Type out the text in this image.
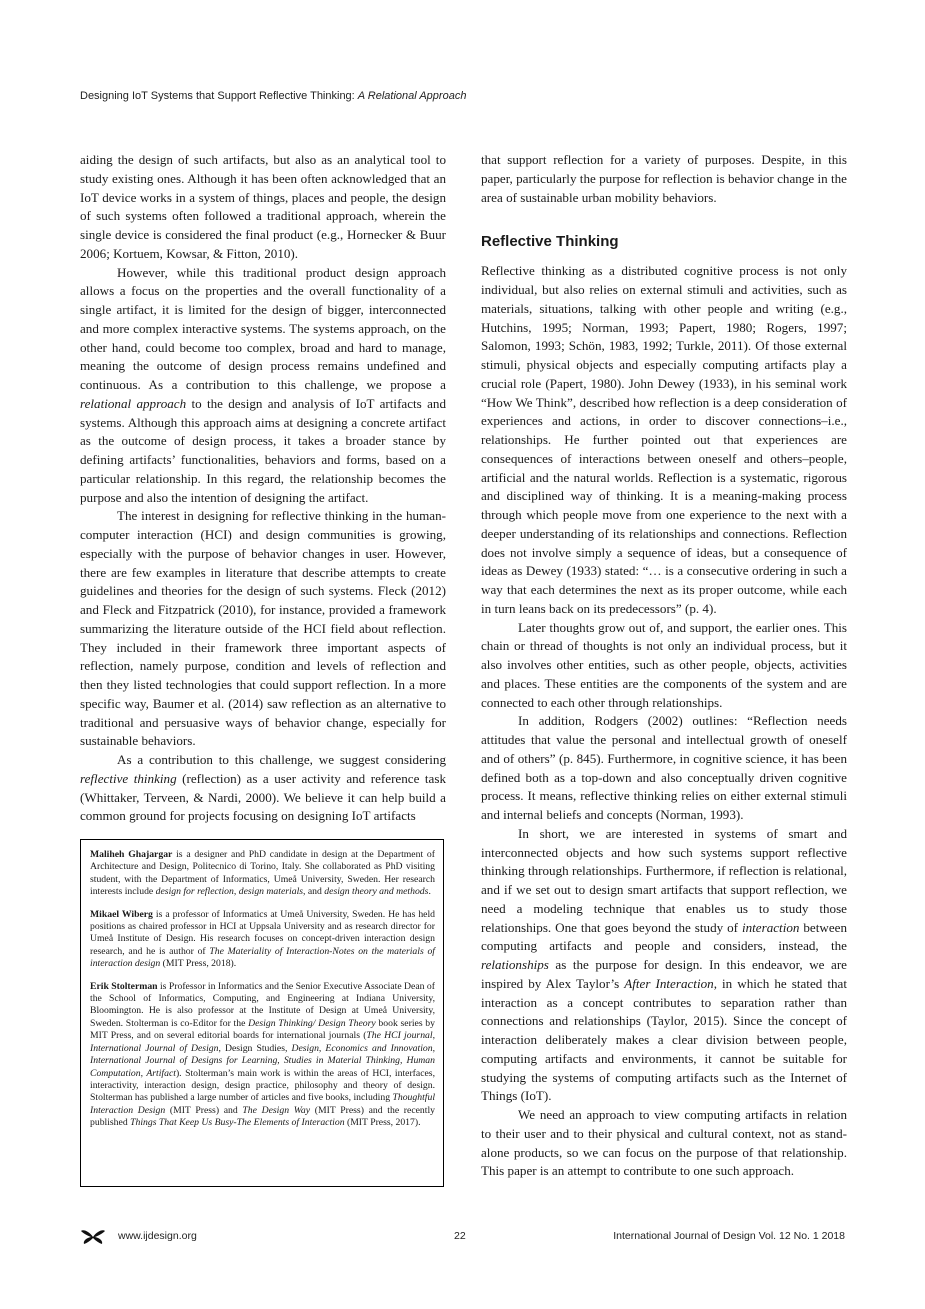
Designing IoT Systems that Support Reflective Thinking: A Relational Approach

aiding the design of such artifacts, but also as an analytical tool to study existing ones. Although it has been often acknowledged that an IoT device works in a system of things, places and people, the design of such systems often followed a traditional approach, wherein the single device is considered the final product (e.g., Hornecker & Buur 2006; Kortuem, Kowsar, & Fitton, 2010).

However, while this traditional product design approach allows a focus on the properties and the overall functionality of a single artifact, it is limited for the design of bigger, interconnected and more complex interactive systems. The systems approach, on the other hand, could become too complex, broad and hard to manage, meaning the outcome of design process remains undefined and continuous. As a contribution to this challenge, we propose a relational approach to the design and analysis of IoT artifacts and systems. Although this approach aims at designing a concrete artifact as the outcome of design process, it takes a broader stance by defining artifacts’ functionalities, behaviors and forms, based on a particular relationship. In this regard, the relationship becomes the purpose and also the intention of designing the artifact.

The interest in designing for reflective thinking in the human-computer interaction (HCI) and design communities is growing, especially with the purpose of behavior changes in user. However, there are few examples in literature that describe attempts to create guidelines and theories for the design of such systems. Fleck (2012) and Fleck and Fitzpatrick (2010), for instance, provided a framework summarizing the literature outside of the HCI field about reflection. They included in their framework three important aspects of reflection, namely purpose, condition and levels of reflection and then they listed technologies that could support reflection. In a more specific way, Baumer et al. (2014) saw reflection as an alternative to traditional and persuasive ways of behavior change, especially for sustainable behaviors.

As a contribution to this challenge, we suggest considering reflective thinking (reflection) as a user activity and reference task (Whittaker, Terveen, & Nardi, 2000). We believe it can help build a common ground for projects focusing on designing IoT artifacts

Maliheh Ghajargar is a designer and PhD candidate in design at the Department of Architecture and Design, Politecnico di Torino, Italy. She collaborated as PhD visiting student, with the Department of Informatics, Umeå University, Sweden. Her research interests include design for reflection, design materials, and design theory and methods.

Mikael Wiberg is a professor of Informatics at Umeå University, Sweden. He has held positions as chaired professor in HCI at Uppsala University and as research director for Umeå Institute of Design. His research focuses on concept-driven interaction design research, and he is author of The Materiality of Interaction-Notes on the materials of interaction design (MIT Press, 2018).

Erik Stolterman is Professor in Informatics and the Senior Executive Associate Dean of the School of Informatics, Computing, and Engineering at Indiana University, Bloomington. He is also professor at the Institute of Design at Umeå University, Sweden. Stolterman is co-Editor for the Design Thinking/ Design Theory book series by MIT Press, and on several editorial boards for international journals (The HCI journal, International Journal of Design, Design Studies, Design, Economics and Innovation, International Journal of Designs for Learning, Studies in Material Thinking, Human Computation, Artifact). Stolterman’s main work is within the areas of HCI, interfaces, interactivity, interaction design, design practice, philosophy and theory of design. Stolterman has published a large number of articles and five books, including Thoughtful Interaction Design (MIT Press) and The Design Way (MIT Press) and the recently published Things That Keep Us Busy-The Elements of Interaction (MIT Press, 2017).

that support reflection for a variety of purposes. Despite, in this paper, particularly the purpose for reflection is behavior change in the area of sustainable urban mobility behaviors.

Reflective Thinking

Reflective thinking as a distributed cognitive process is not only individual, but also relies on external stimuli and activities, such as materials, situations, talking with other people and writing (e.g., Hutchins, 1995; Norman, 1993; Papert, 1980; Rogers, 1997; Salomon, 1993; Schön, 1983, 1992; Turkle, 2011). Of those external stimuli, physical objects and especially computing artifacts play a crucial role (Papert, 1980). John Dewey (1933), in his seminal work “How We Think”, described how reflection is a deep consideration of experiences and actions, in order to discover connections–i.e., relationships. He further pointed out that experiences are consequences of interactions between oneself and others–people, artificial and the natural worlds. Reflection is a systematic, rigorous and disciplined way of thinking. It is a meaning-making process through which people move from one experience to the next with a deeper understanding of its relationships and connections. Reflection does not involve simply a sequence of ideas, but a consequence of ideas as Dewey (1933) stated: “… is a consecutive ordering in such a way that each determines the next as its proper outcome, while each in turn leans back on its predecessors” (p. 4).

Later thoughts grow out of, and support, the earlier ones. This chain or thread of thoughts is not only an individual process, but it also involves other entities, such as other people, objects, activities and places. These entities are the components of the system and are connected to each other through relationships.

In addition, Rodgers (2002) outlines: “Reflection needs attitudes that value the personal and intellectual growth of oneself and of others” (p. 845). Furthermore, in cognitive science, it has been defined both as a top-down and also conceptually driven cognitive process. It means, reflective thinking relies on either external stimuli and internal beliefs and concepts (Norman, 1993).

In short, we are interested in systems of smart and interconnected objects and how such systems support reflective thinking through relationships. Furthermore, if reflection is relational, and if we set out to design smart artifacts that support reflection, we need a modeling technique that enables us to study those relationships. One that goes beyond the study of interaction between computing artifacts and people and considers, instead, the relationships as the purpose for design. In this endeavor, we are inspired by Alex Taylor’s After Interaction, in which he stated that interaction as a concept contributes to separation rather than connections and relationships (Taylor, 2015). Since the concept of interaction deliberately makes a clear division between people, computing artifacts and environments, it cannot be suitable for studying the systems of computing artifacts such as the Internet of Things (IoT).

We need an approach to view computing artifacts in relation to their user and to their physical and cultural context, not as stand-alone products, so we can focus on the purpose of that relationship. This paper is an attempt to contribute to one such approach.

www.ijdesign.org	22	International Journal of Design Vol. 12 No. 1 2018
